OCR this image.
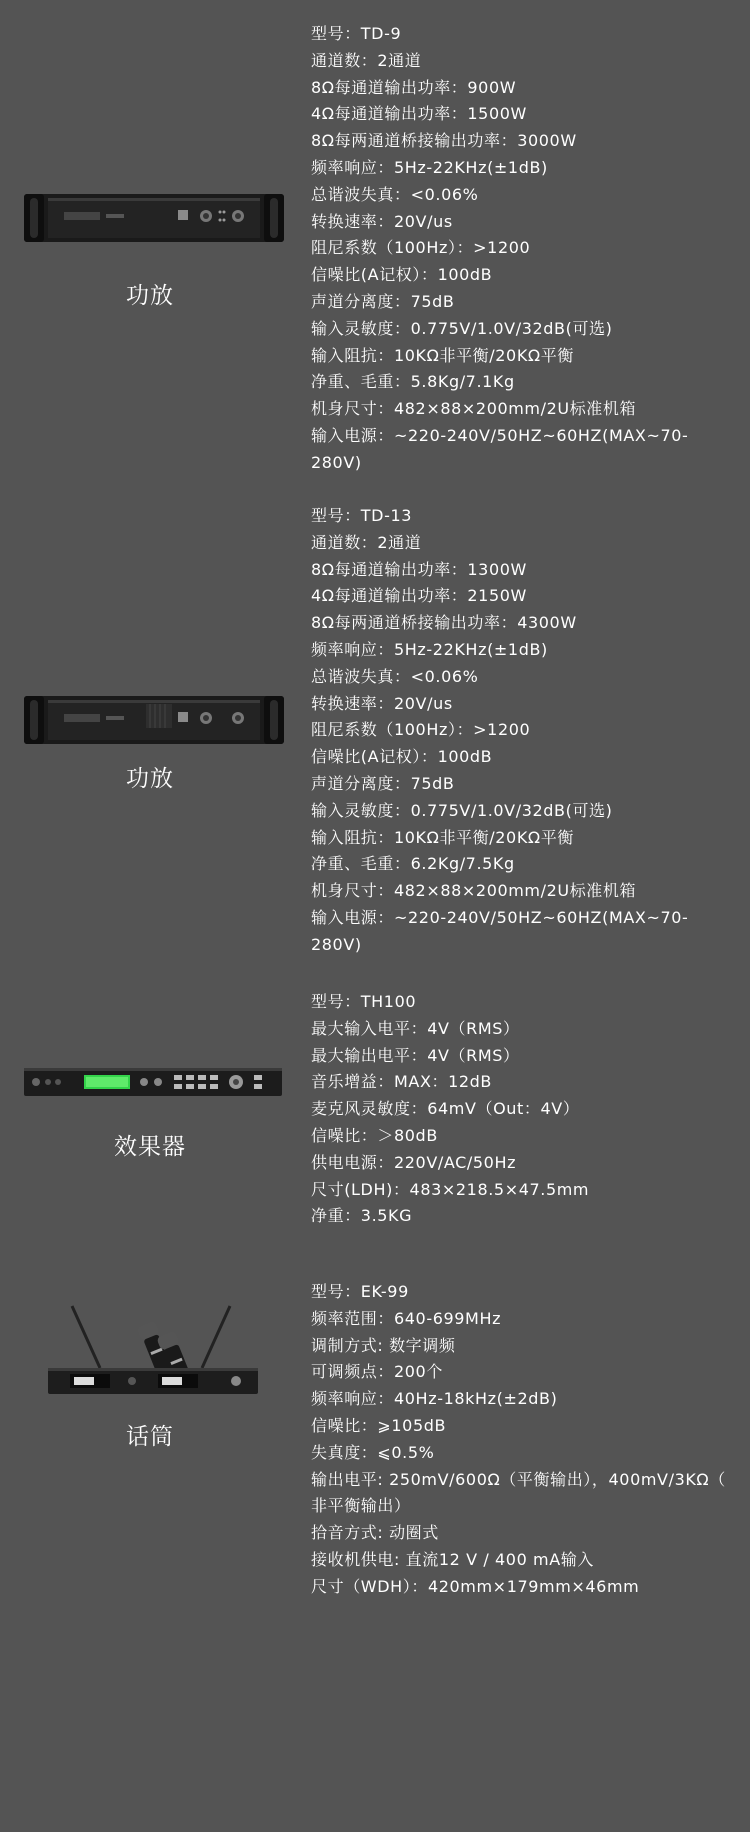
功放
型号：TD-9
通道数：2通道
8Ω每通道输出功率：900W
4Ω每通道输出功率：1500W
8Ω每两通道桥接输出功率：3000W
频率响应：5Hz-22KHz(±1dB)
总谐波失真：<0.06%
转换速率：20V/us
阻尼系数（100Hz）：>1200
信噪比(A记权）：100dB
声道分离度：75dB
输入灵敏度：0.775V/1.0V/32dB(可选)
输入阻抗：10KΩ非平衡/20KΩ平衡
净重、毛重：5.8Kg/7.1Kg
机身尺寸：482×88×200mm/2U标准机箱
输入电源：~220-240V/50HZ~60HZ(MAX~70-280V)
功放
型号：TD-13
通道数：2通道
8Ω每通道输出功率：1300W
4Ω每通道输出功率：2150W
8Ω每两通道桥接输出功率：4300W
频率响应：5Hz-22KHz(±1dB)
总谐波失真：<0.06%
转换速率：20V/us
阻尼系数（100Hz）：>1200
信噪比(A记权）：100dB
声道分离度：75dB
输入灵敏度：0.775V/1.0V/32dB(可选)
输入阻抗：10KΩ非平衡/20KΩ平衡
净重、毛重：6.2Kg/7.5Kg
机身尺寸：482×88×200mm/2U标准机箱
输入电源：~220-240V/50HZ~60HZ(MAX~70-280V)
效果器
型号：TH100
最大输入电平：4V（RMS）
最大输出电平：4V（RMS）
音乐增益：MAX：12dB
麦克风灵敏度：64mV（Out：4V）
信噪比：＞80dB
供电电源：220V/AC/50Hz
尺寸(LDH)：483×218.5×47.5mm
净重：3.5KG
话筒
型号：EK-99
频率范围：640-699MHz
调制方式: 数字调频
可调频点：200个
频率响应：40Hz-18kHz(±2dB)
信噪比：⩾105dB
失真度：⩽0.5%
输出电平: 250mV/600Ω（平衡输出），400mV/3KΩ（
非平衡输出）
拾音方式: 动圈式
接收机供电: 直流12 V / 400 mA输入
尺寸（WDH）：420mm×179mm×46mm
